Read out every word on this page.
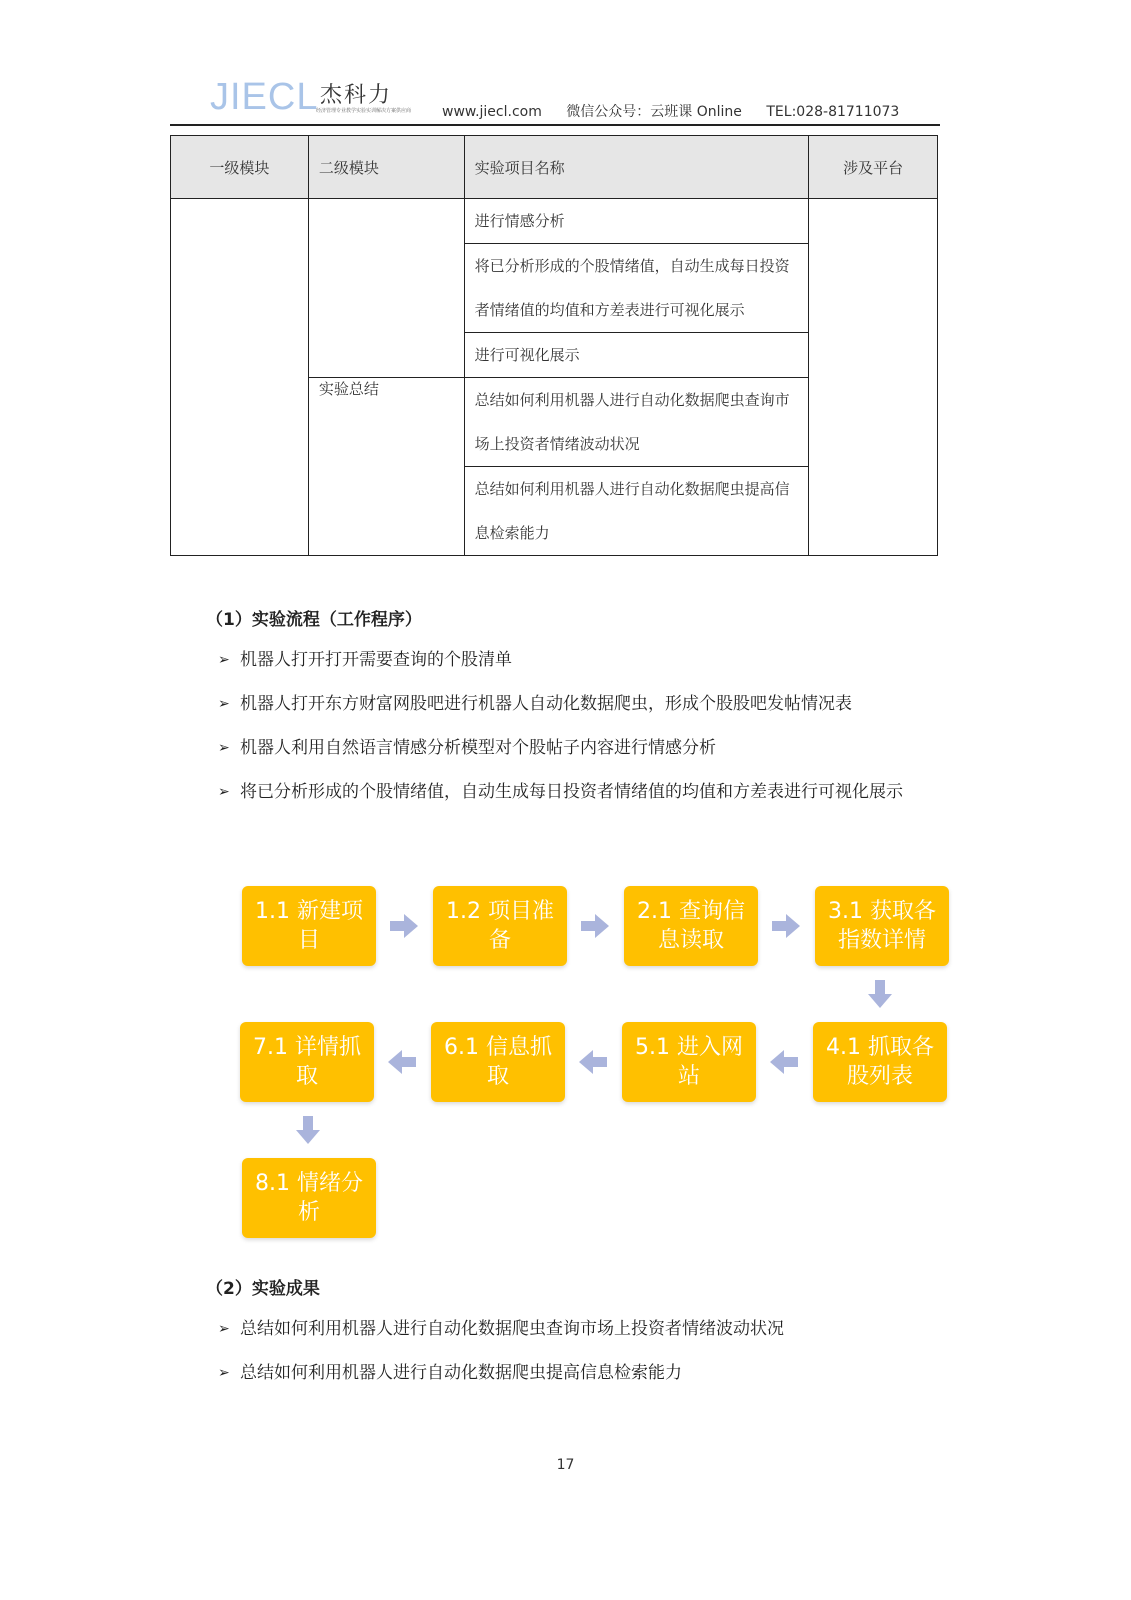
JIECL 杰科力
经济管理专业教学实验实训解决方案供应商 www.jiecl.com 微信公众号：云班课 Online TEL:028-81711073
一级模块	二级模块	实验项目名称	涉及平台

		进行情感分析	

		将已分析形成的个股情绪值，自动生成每日投资者情绪值的均值和方差表进行可视化展示	

		进行可视化展示	

	实验总结	总结如何利用机器人进行自动化数据爬虫查询市场上投资者情绪波动状况	

		总结如何利用机器人进行自动化数据爬虫提高信息检索能力	
（1）实验流程（工作程序）
➢ 机器人打开打开需要查询的个股清单
➢ 机器人打开东方财富网股吧进行机器人自动化数据爬虫，形成个股股吧发帖情况表
➢ 机器人利用自然语言情感分析模型对个股帖子内容进行情感分析
➢ 将已分析形成的个股情绪值，自动生成每日投资者情绪值的均值和方差表进行可视化展示
1.1 新建项目
1.2 项目准备
2.1 查询信息读取
3.1 获取各指数详情
4.1 抓取各股列表
5.1 进入网站
6.1 信息抓取
7.1 详情抓取
8.1 情绪分析
（2）实验成果
➢ 总结如何利用机器人进行自动化数据爬虫查询市场上投资者情绪波动状况
➢ 总结如何利用机器人进行自动化数据爬虫提高信息检索能力
17
